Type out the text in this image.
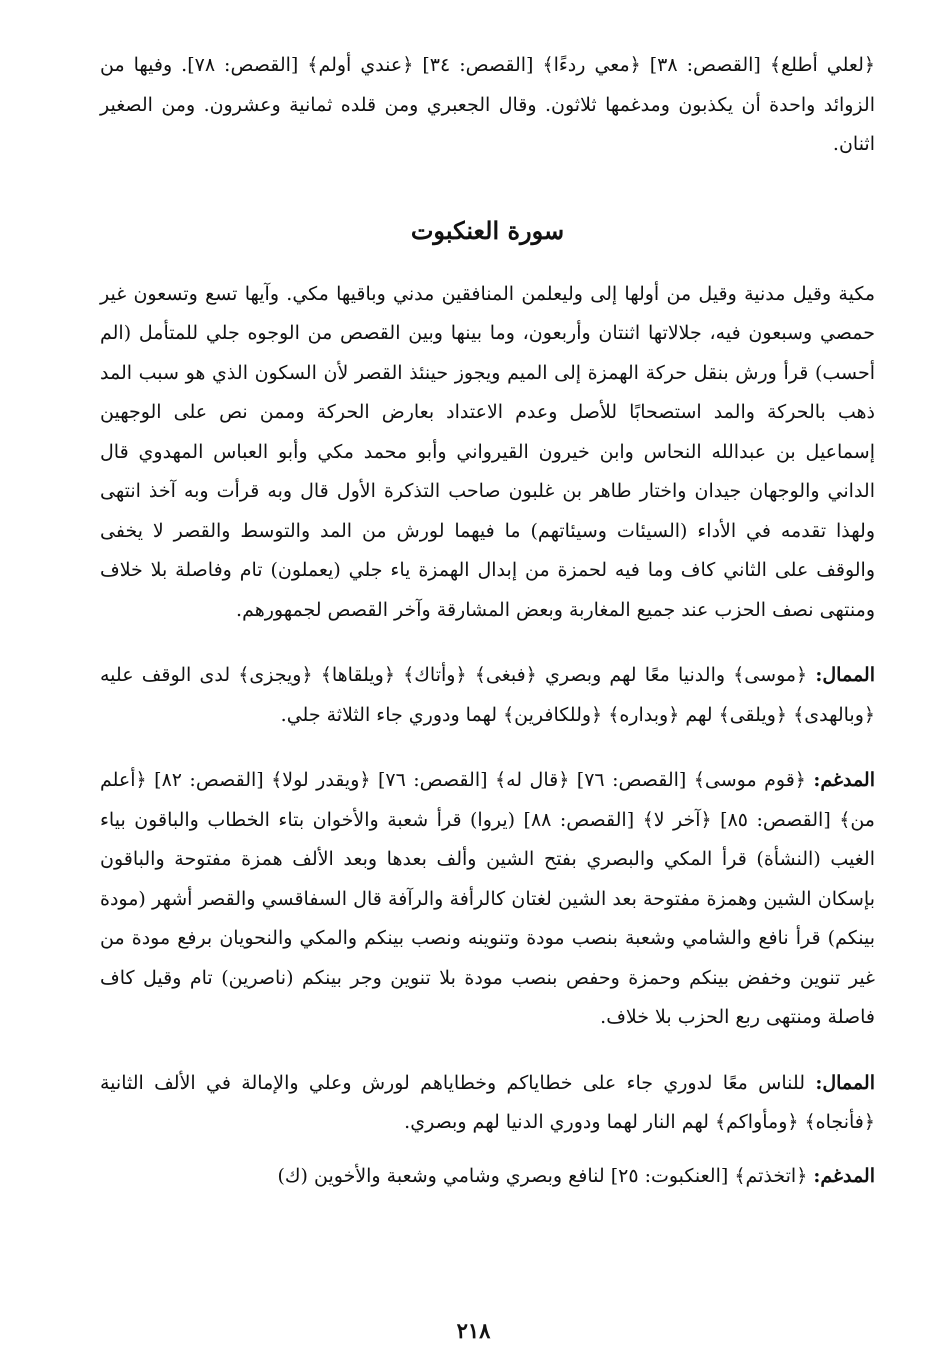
﴿لعلي أطلع﴾ [القصص: ٣٨] ﴿معي ردءًا﴾ [القصص: ٣٤] ﴿عندي أولم﴾ [القصص: ٧٨]. وفيها من الزوائد واحدة أن يكذبون ومدغمها ثلاثون. وقال الجعبري ومن قلده ثمانية وعشرون. ومن الصغير اثنان.

سورة العنكبوت

مكية وقيل مدنية وقيل من أولها إلى وليعلمن المنافقين مدني وباقيها مكي. وآيها تسع وتسعون غير حمصي وسبعون فيه، جلالاتها اثنتان وأربعون، وما بينها وبين القصص من الوجوه جلي للمتأمل (الم أحسب) قرأ ورش بنقل حركة الهمزة إلى الميم ويجوز حينئذ القصر لأن السكون الذي هو سبب المد ذهب بالحركة والمد استصحابًا للأصل وعدم الاعتداد بعارض الحركة وممن نص على الوجهين إسماعيل بن عبدالله النحاس وابن خيرون القيرواني وأبو محمد مكي وأبو العباس المهدوي قال الداني والوجهان جيدان واختار طاهر بن غلبون صاحب التذكرة الأول قال وبه قرأت وبه آخذ انتهى ولهذا تقدمه في الأداء (السيئات وسيئاتهم) ما فيهما لورش من المد والتوسط والقصر لا يخفى والوقف على الثاني كاف وما فيه لحمزة من إبدال الهمزة ياء جلي (يعملون) تام وفاصلة بلا خلاف ومنتهى نصف الحزب عند جميع المغاربة وبعض المشارقة وآخر القصص لجمهورهم.

الممال: ﴿موسى﴾ والدنيا معًا لهم وبصري ﴿فبغى﴾ ﴿وأتاك﴾ ﴿ويلقاها﴾ ﴿ويجزى﴾ لدى الوقف عليه ﴿وبالهدى﴾ ﴿ويلقى﴾ لهم ﴿وبداره﴾ ﴿وللكافرين﴾ لهما ودوري جاء الثلاثة جلي.

المدغم: ﴿قوم موسى﴾ [القصص: ٧٦] ﴿قال له﴾ [القصص: ٧٦] ﴿ويقدر لولا﴾ [القصص: ٨٢] ﴿أعلم من﴾ [القصص: ٨٥] ﴿آخر لا﴾ [القصص: ٨٨] (يروا) قرأ شعبة والأخوان بتاء الخطاب والباقون بياء الغيب (النشأة) قرأ المكي والبصري بفتح الشين وألف بعدها وبعد الألف همزة مفتوحة والباقون بإسكان الشين وهمزة مفتوحة بعد الشين لغتان كالرأفة والرآفة قال السفاقسي والقصر أشهر (مودة بينكم) قرأ نافع والشامي وشعبة بنصب مودة وتنوينه ونصب بينكم والمكي والنحويان برفع مودة من غير تنوين وخفض بينكم وحمزة وحفص بنصب مودة بلا تنوين وجر بينكم (ناصرين) تام وقيل كاف فاصلة ومنتهى ربع الحزب بلا خلاف.

الممال: للناس معًا لدوري جاء على خطاياكم وخطاياهم لورش وعلي والإمالة في الألف الثانية ﴿فأنجاه﴾ ﴿ومأواكم﴾ لهم النار لهما ودوري الدنيا لهم وبصري.

المدغم: ﴿اتخذتم﴾ [العنكبوت: ٢٥] لنافع وبصري وشامي وشعبة والأخوين (ك)

٢١٨
